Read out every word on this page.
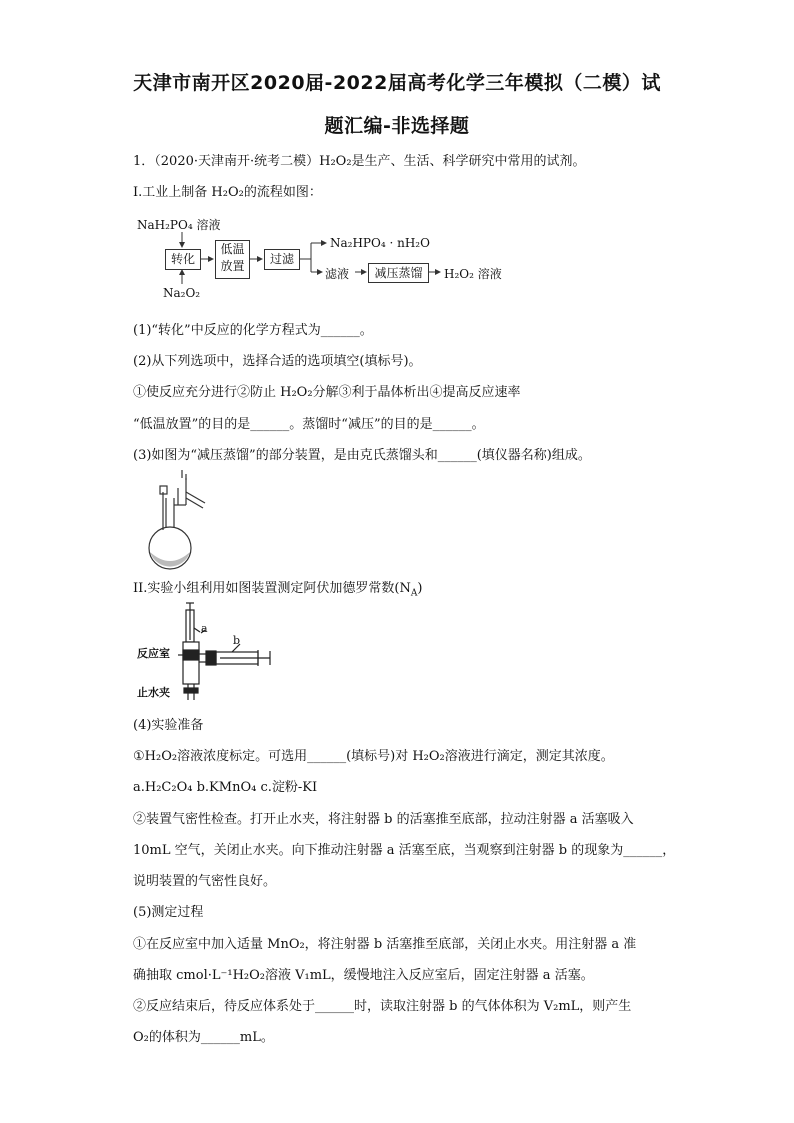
天津市南开区2020届-2022届高考化学三年模拟（二模）试
题汇编-非选择题
1．（2020·天津南开·统考二模）H₂O₂是生产、生活、科学研究中常用的试剂。
I.工业上制备 H₂O₂的流程如图：
NaH₂PO₄ 溶液
转化
Na₂O₂
低温
放置	过滤
Na₂HPO₄ · nH₂O
滤液	减压蒸馏	H₂O₂ 溶液
(1)“转化”中反应的化学方程式为______。
(2)从下列选项中，选择合适的选项填空(填标号)。
①使反应充分进行②防止 H₂O₂分解③利于晶体析出④提高反应速率
“低温放置”的目的是______。蒸馏时“减压”的目的是______。
(3)如图为“减压蒸馏”的部分装置，是由克氏蒸馏头和______(填仪器名称)组成。
II.实验小组利用如图装置测定阿伏加德罗常数$(N_A)$
反应室
止水夹
a
b
(4)实验准备
①H₂O₂溶液浓度标定。可选用______(填标号)对 H₂O₂溶液进行滴定，测定其浓度。
a.H₂C₂O₄ b.KMnO₄ c.淀粉-KI
②装置气密性检查。打开止水夹，将注射器 b 的活塞推至底部，拉动注射器 a 活塞吸入
10mL 空气，关闭止水夹。向下推动注射器 a 活塞至底，当观察到注射器 b 的现象为______，
说明装置的气密性良好。
(5)测定过程
①在反应室中加入适量 MnO₂，将注射器 b 活塞推至底部，关闭止水夹。用注射器 a 准
确抽取 cmol·L⁻¹H₂O₂溶液 V₁mL，缓慢地注入反应室后，固定注射器 a 活塞。
②反应结束后，待反应体系处于______时，读取注射器 b 的气体体积为 V₂mL，则产生
O₂的体积为______mL。
